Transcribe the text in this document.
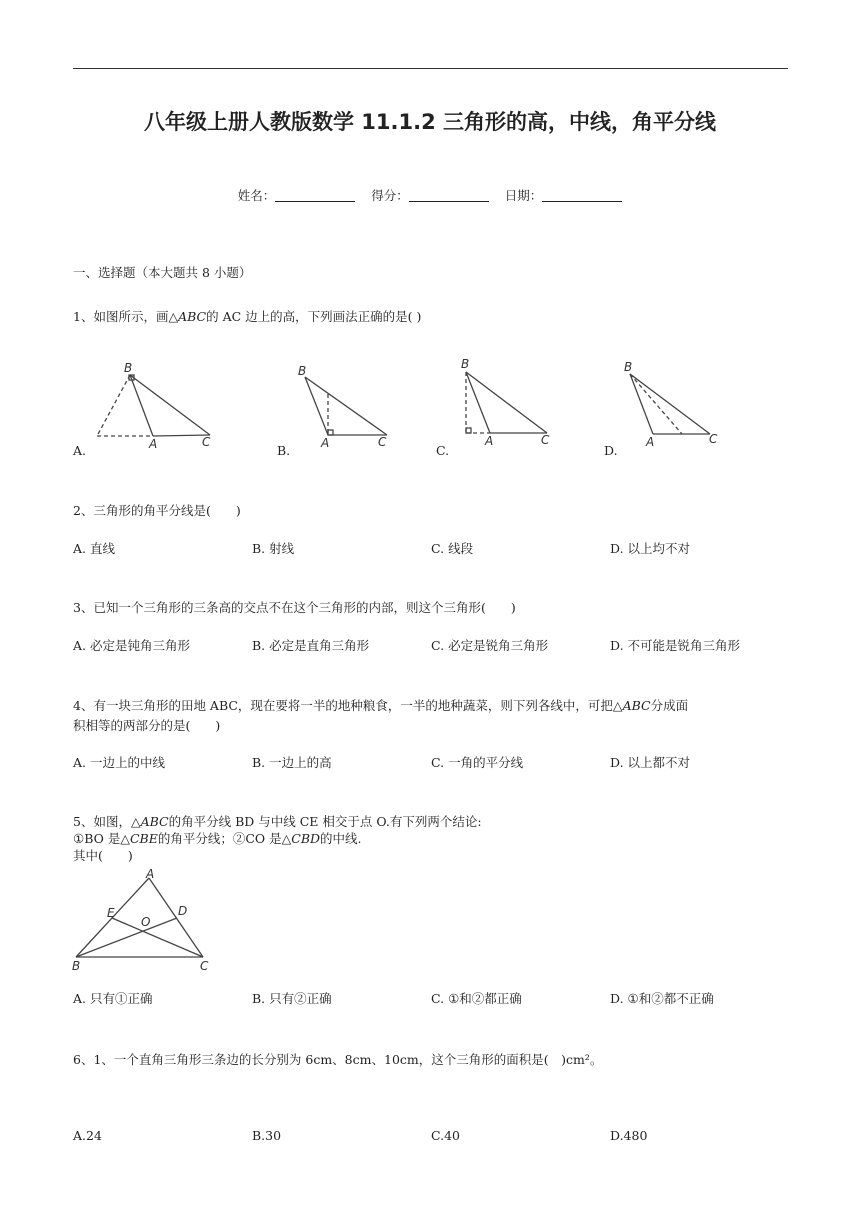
八年级上册人教版数学 11.1.2 三角形的高，中线，角平分线
姓名：	得分：	日期：
一、选择题（本大题共 8 小题）
1、如图所示，画△ABC的 AC 边上的高，下列画法正确的是( )
B
A	C
B
A	C
B
A	C
B
A	C
A.	B.	C.	D.
2、三角形的角平分线是(　　)
A. 直线	B. 射线	C. 线段	D. 以上均不对
3、已知一个三角形的三条高的交点不在这个三角形的内部，则这个三角形(　　)
A. 必定是钝角三角形	B. 必定是直角三角形	C. 必定是锐角三角形	D. 不可能是锐角三角形
4、有一块三角形的田地 ABC，现在要将一半的地种粮食，一半的地种蔬菜，则下列各线中，可把△ABC分成面
积相等的两部分的是(　　)
A. 一边上的中线	B. 一边上的高	C. 一角的平分线	D. 以上都不对
5、如图，△ABC的角平分线 BD 与中线 CE 相交于点 O.有下列两个结论:
①BO 是△CBE的角平分线；②CO 是△CBD的中线.
其中(　　)
A
B	C
D
E
O
A. 只有①正确	B. 只有②正确	C. ①和②都正确	D. ①和②都不正确
6、1、一个直角三角形三条边的长分别为 6cm、8cm、10cm，这个三角形的面积是(　)cm²。
A.24	B.30	C.40	D.480
